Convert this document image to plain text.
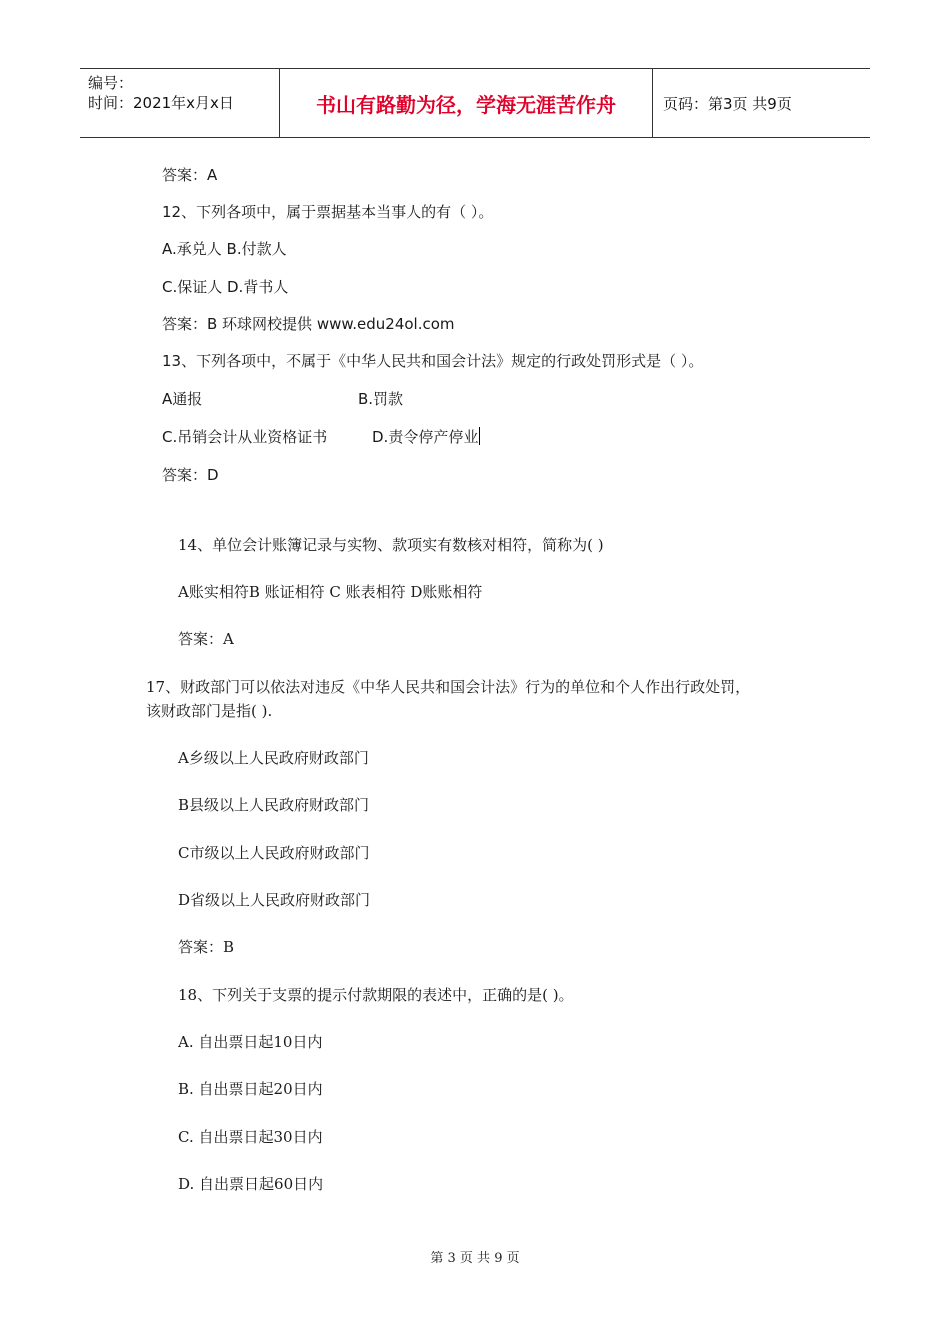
编号：
时间：2021年x月x日	书山有路勤为径，学海无涯苦作舟	页码：第3页 共9页
答案：A
12、下列各项中，属于票据基本当事人的有（ ）。
A.承兑人 B.付款人
C.保证人 D.背书人
答案：B 环球网校提供 www.edu24ol.com
13、下列各项中，不属于《中华人民共和国会计法》规定的行政处罚形式是（ ）。
A通报	B.罚款
C.吊销会计从业资格证书	D.责令停产停业
答案：D
14、单位会计账簿记录与实物、款项实有数核对相符，简称为( )
A账实相符B 账证相符 C 账表相符 D账账相符
答案：A
17、财政部门可以依法对违反《中华人民共和国会计法》行为的单位和个人作出行政处罚，
该财政部门是指( ).
A乡级以上人民政府财政部门
B县级以上人民政府财政部门
C市级以上人民政府财政部门
D省级以上人民政府财政部门
答案：B
18、下列关于支票的提示付款期限的表述中，正确的是( )。
A. 自出票日起10日内
B. 自出票日起20日内
C. 自出票日起30日内
D. 自出票日起60日内
第 3 页 共 9 页
